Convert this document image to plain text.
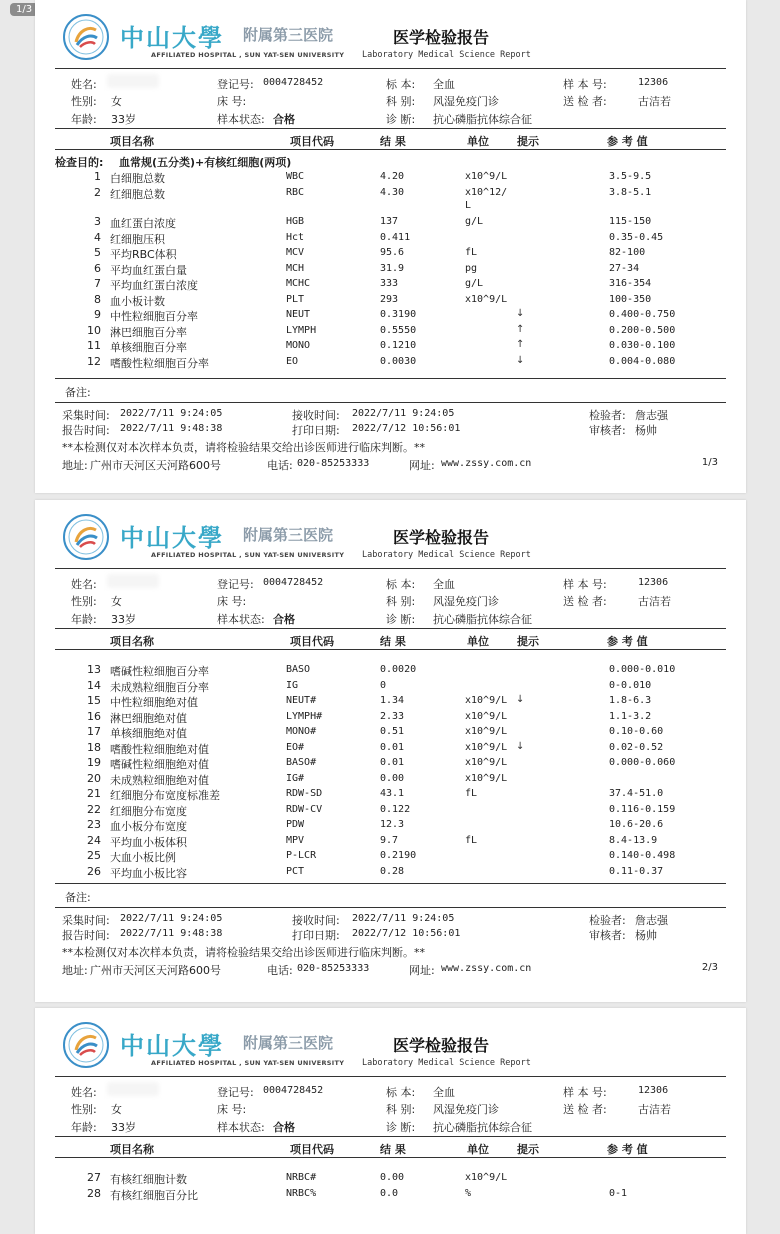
1/3
中山大學 附属第三医院
AFFILIATED HOSPITAL , SUN YAT-SEN UNIVERSITY
医学检验报告
Laboratory Medical Science Report
姓名:
性别: 女
年龄: 33岁
登记号: 0004728452
床 号:
样本状态: 合格
标 本: 全血
科 别: 风湿免疫门诊
诊 断: 抗心磷脂抗体综合征
样 本 号:	12306
送 检 者:	古洁若
项目名称	项目代码	结 果	单位	提示	参 考 值
检查目的: 血常规(五分类)+有核红细胞(两项)
1 白细胞总数	WBC	4.20	x10^9/L	3.5-9.5
2 红细胞总数	RBC	4.30	x10^12/	3.8-5.1
L
3 血红蛋白浓度	HGB	137	g/L	115-150
4 红细胞压积	Hct	0.411	0.35-0.45
5 平均RBC体积	MCV	95.6	fL	82-100
6 平均血红蛋白量	MCH	31.9	pg	27-34
7 平均血红蛋白浓度	MCHC	333	g/L	316-354
8 血小板计数	PLT	293	x10^9/L	100-350
9 中性粒细胞百分率	NEUT	0.3190	↓	0.400-0.750
10 淋巴细胞百分率	LYMPH	0.5550	↑	0.200-0.500
11 单核细胞百分率	MONO	0.1210	↑	0.030-0.100
12 嗜酸性粒细胞百分率	EO	0.0030	↓	0.004-0.080
备注:
采集时间: 2022/7/11 9:24:05
报告时间: 2022/7/11 9:48:38
接收时间: 2022/7/11 9:24:05
打印日期: 2022/7/12 10:56:01
检验者: 詹志强
审核者: 杨帅
**本检测仅对本次样本负责，请将检验结果交给出诊医师进行临床判断。**
地址: 广州市天河区天河路600号	电话: 020-85253333	网址: www.zssy.com.cn	1/3
中山大學 附属第三医院
AFFILIATED HOSPITAL , SUN YAT-SEN UNIVERSITY
医学检验报告
Laboratory Medical Science Report
姓名:
性别: 女
年龄: 33岁
登记号: 0004728452
床 号:
样本状态: 合格
标 本: 全血
科 别: 风湿免疫门诊
诊 断: 抗心磷脂抗体综合征
样 本 号:	12306
送 检 者:	古洁若
项目名称	项目代码	结 果	单位	提示	参 考 值
13 嗜碱性粒细胞百分率	BASO	0.0020	0.000-0.010
14 未成熟粒细胞百分率	IG	0	0-0.010
15 中性粒细胞绝对值	NEUT#	1.34	x10^9/L ↓	1.8-6.3
16 淋巴细胞绝对值	LYMPH#	2.33	x10^9/L	1.1-3.2
17 单核细胞绝对值	MONO#	0.51	x10^9/L	0.10-0.60
18 嗜酸性粒细胞绝对值	EO#	0.01	x10^9/L ↓	0.02-0.52
19 嗜碱性粒细胞绝对值	BASO#	0.01	x10^9/L	0.000-0.060
20 未成熟粒细胞绝对值	IG#	0.00	x10^9/L
21 红细胞分布宽度标准差	RDW-SD	43.1	fL	37.4-51.0
22 红细胞分布宽度	RDW-CV	0.122	0.116-0.159
23 血小板分布宽度	PDW	12.3	10.6-20.6
24 平均血小板体积	MPV	9.7	fL	8.4-13.9
25 大血小板比例	P-LCR	0.2190	0.140-0.498
26 平均血小板比容	PCT	0.28	0.11-0.37
备注:
采集时间: 2022/7/11 9:24:05
报告时间: 2022/7/11 9:48:38
接收时间: 2022/7/11 9:24:05
打印日期: 2022/7/12 10:56:01
检验者: 詹志强
审核者: 杨帅
**本检测仅对本次样本负责，请将检验结果交给出诊医师进行临床判断。**
地址: 广州市天河区天河路600号	电话: 020-85253333	网址: www.zssy.com.cn	2/3
中山大學 附属第三医院
AFFILIATED HOSPITAL , SUN YAT-SEN UNIVERSITY
医学检验报告
Laboratory Medical Science Report
姓名:
性别: 女
年龄: 33岁
登记号: 0004728452
床 号:
样本状态: 合格
标 本: 全血
科 别: 风湿免疫门诊
诊 断: 抗心磷脂抗体综合征
样 本 号:	12306
送 检 者:	古洁若
项目名称	项目代码	结 果	单位	提示	参 考 值
27 有核红细胞计数	NRBC#	0.00	x10^9/L
28 有核红细胞百分比	NRBC%	0.0	%	0-1
